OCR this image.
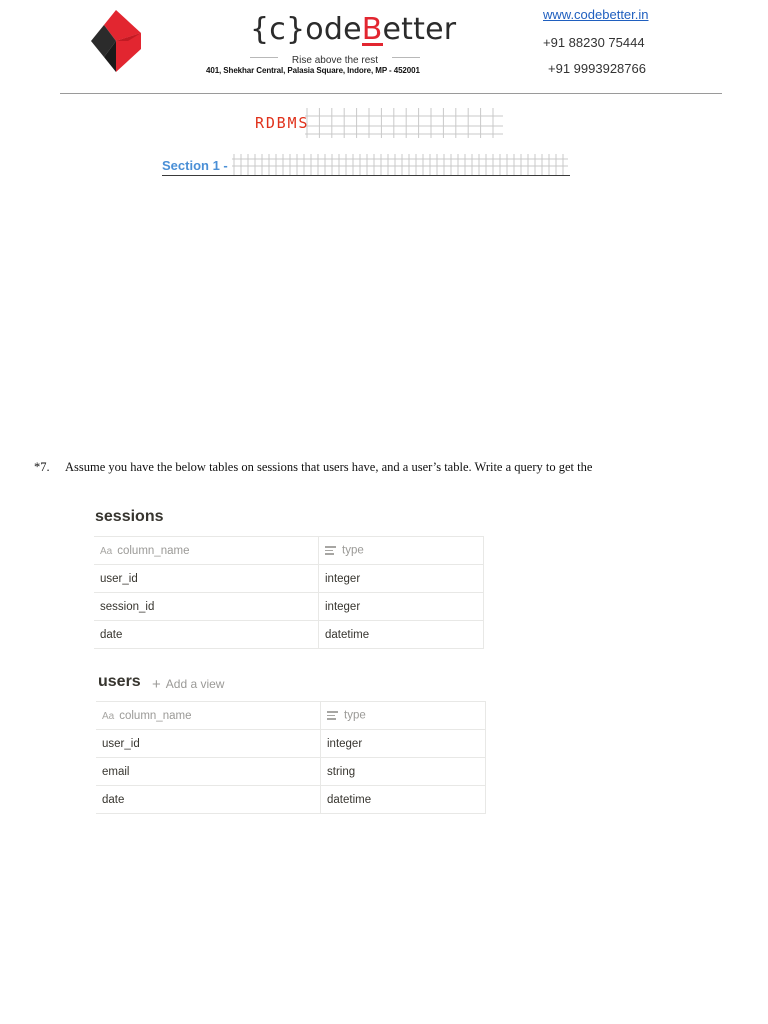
{c}odeBetter
Rise above the rest
401, Shekhar Central, Palasia Square, Indore, MP - 452001
www.codebetter.in
+91 88230 75444
+91 9993928766
RDBMS
Section 1 -
*7. Assume you have the below tables on sessions that users have, and a user’s table. Write a query to get the
sessions
Aa column_name	type
user_id	integer
session_id	integer
date	datetime
users + Add a view
Aa column_name	type
user_id	integer
email	string
date	datetime
